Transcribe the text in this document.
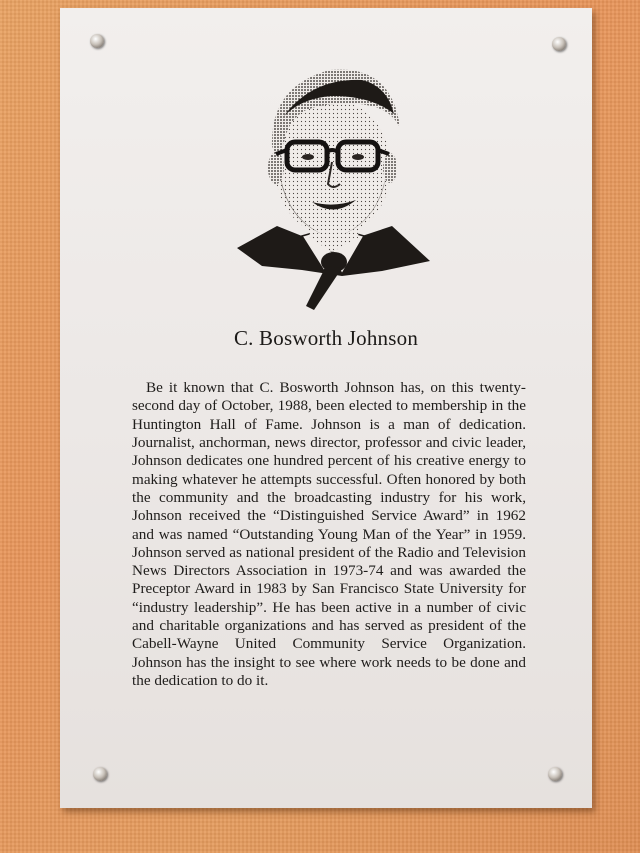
C. Bosworth Johnson

Be it known that C. Bosworth Johnson has, on this twenty-second day of October, 1988, been elected to membership in the Huntington Hall of Fame. Johnson is a man of dedication. Journalist, anchorman, news director, professor and civic leader, Johnson dedicates one hundred percent of his creative energy to making whatever he attempts successful. Often honored by both the community and the broadcasting industry for his work, Johnson received the “Distinguished Service Award” in 1962 and was named “Outstanding Young Man of the Year” in 1959. Johnson served as national president of the Radio and Television News Directors Association in 1973-74 and was awarded the Preceptor Award in 1983 by San Francisco State University for “industry leadership”. He has been active in a number of civic and charitable organizations and has served as president of the Cabell-Wayne United Community Service Organization. Johnson has the insight to see where work needs to be done and the dedication to do it.
